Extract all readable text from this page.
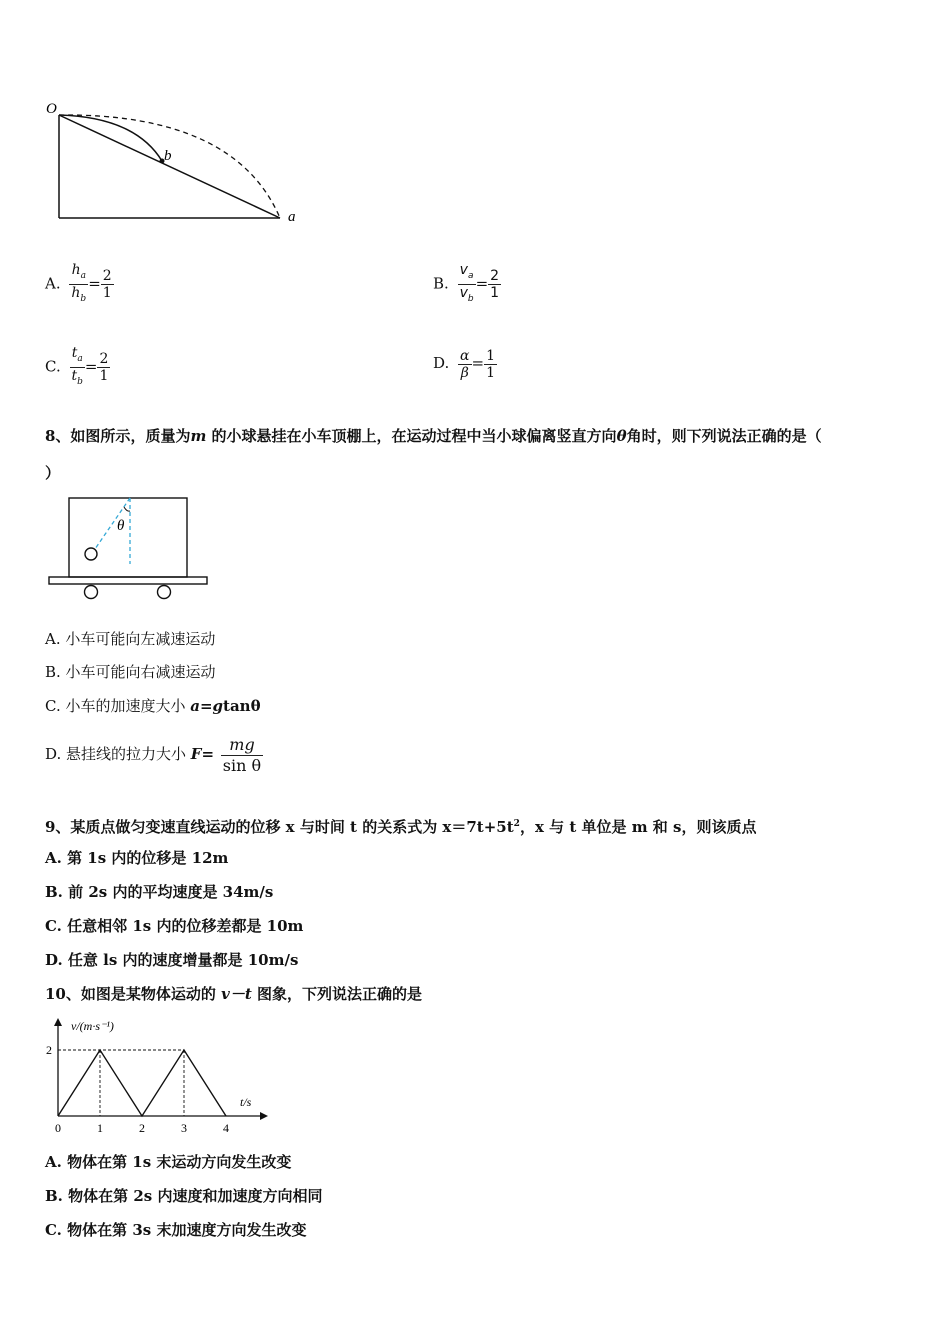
O
b
a
A. $\frac{h_a}{h_b} = \frac{2}{1}$	B. $\frac{v_a}{v_b} = \frac{2}{1}$
C. $\frac{t_a}{t_b} = \frac{2}{1}$	D. $\frac{\alpha}{\beta} = \frac{1}{1}$
8、如图所示，质量为m 的小球悬挂在小车顶棚上，在运动过程中当小球偏离竖直方向θ角时，则下列说法正确的是（
）
θ
A. 小车可能向左减速运动
B. 小车可能向右减速运动
C. 小车的加速度大小 a=gtanθ
D. 悬挂线的拉力大小 $F= \frac{mg}{\text{sin θ}}$
9、某质点做匀变速直线运动的位移 x 与时间 t 的关系式为 $x=7t+5t^2$，x 与 t 单位是 m 和 s，则该质点
A. 第 1s 内的位移是 12m
B. 前 2s 内的平均速度是 34m/s
C. 任意相邻 1s 内的位移差都是 10m
D. 任意 ls 内的速度增量都是 10m/s
10、如图是某物体运动的 v－t 图象，下列说法正确的是
0	1	2	3	4
2
v/(m·s⁻¹)
t/s
A. 物体在第 1s 末运动方向发生改变
B. 物体在第 2s 内速度和加速度方向相同
C. 物体在第 3s 末加速度方向发生改变
